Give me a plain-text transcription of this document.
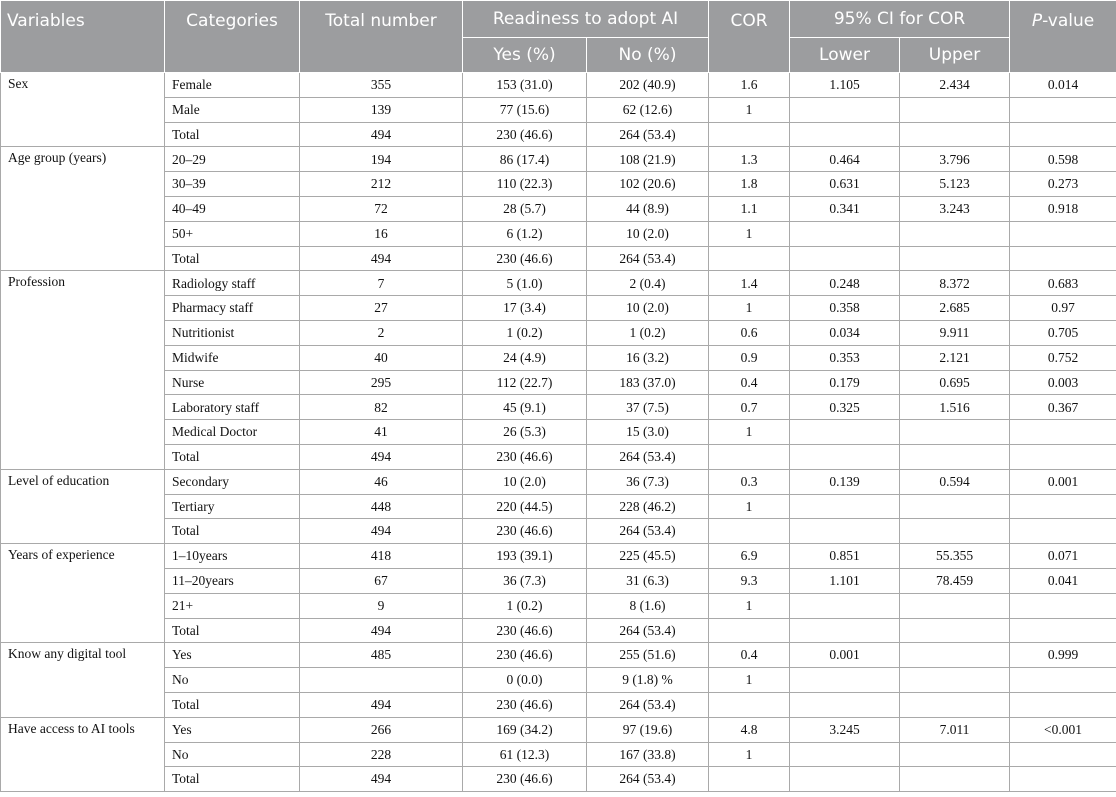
Variables	Categories	Total number	Readiness to adopt AI		COR	95% CI for COR		P-value
			Yes (%)	No (%)		Lower	Upper	
Sex	Female	355	153 (31.0)	202 (40.9)	1.6	1.105	2.434	0.014
	Male	139	77 (15.6)	62 (12.6)	1			
	Total	494	230 (46.6)	264 (53.4)				
Age group (years)	20–29	194	86 (17.4)	108 (21.9)	1.3	0.464	3.796	0.598
	30–39	212	110 (22.3)	102 (20.6)	1.8	0.631	5.123	0.273
	40–49	72	28 (5.7)	44 (8.9)	1.1	0.341	3.243	0.918
	50+	16	6 (1.2)	10 (2.0)	1			
	Total	494	230 (46.6)	264 (53.4)				
Profession	Radiology staff	7	5 (1.0)	2 (0.4)	1.4	0.248	8.372	0.683
	Pharmacy staff	27	17 (3.4)	10 (2.0)	1	0.358	2.685	0.97
	Nutritionist	2	1 (0.2)	1 (0.2)	0.6	0.034	9.911	0.705
	Midwife	40	24 (4.9)	16 (3.2)	0.9	0.353	2.121	0.752
	Nurse	295	112 (22.7)	183 (37.0)	0.4	0.179	0.695	0.003
	Laboratory staff	82	45 (9.1)	37 (7.5)	0.7	0.325	1.516	0.367
	Medical Doctor	41	26 (5.3)	15 (3.0)	1			
	Total	494	230 (46.6)	264 (53.4)				
Level of education	Secondary	46	10 (2.0)	36 (7.3)	0.3	0.139	0.594	0.001
	Tertiary	448	220 (44.5)	228 (46.2)	1			
	Total	494	230 (46.6)	264 (53.4)				
Years of experience	1–10years	418	193 (39.1)	225 (45.5)	6.9	0.851	55.355	0.071
	11–20years	67	36 (7.3)	31 (6.3)	9.3	1.101	78.459	0.041
	21+	9	1 (0.2)	8 (1.6)	1			
	Total	494	230 (46.6)	264 (53.4)				
Know any digital tool	Yes	485	230 (46.6)	255 (51.6)	0.4	0.001		0.999
	No		0 (0.0)	9 (1.8) %	1			
	Total	494	230 (46.6)	264 (53.4)				
Have access to AI tools	Yes	266	169 (34.2)	97 (19.6)	4.8	3.245	7.011	<0.001
	No	228	61 (12.3)	167 (33.8)	1			
	Total	494	230 (46.6)	264 (53.4)				
